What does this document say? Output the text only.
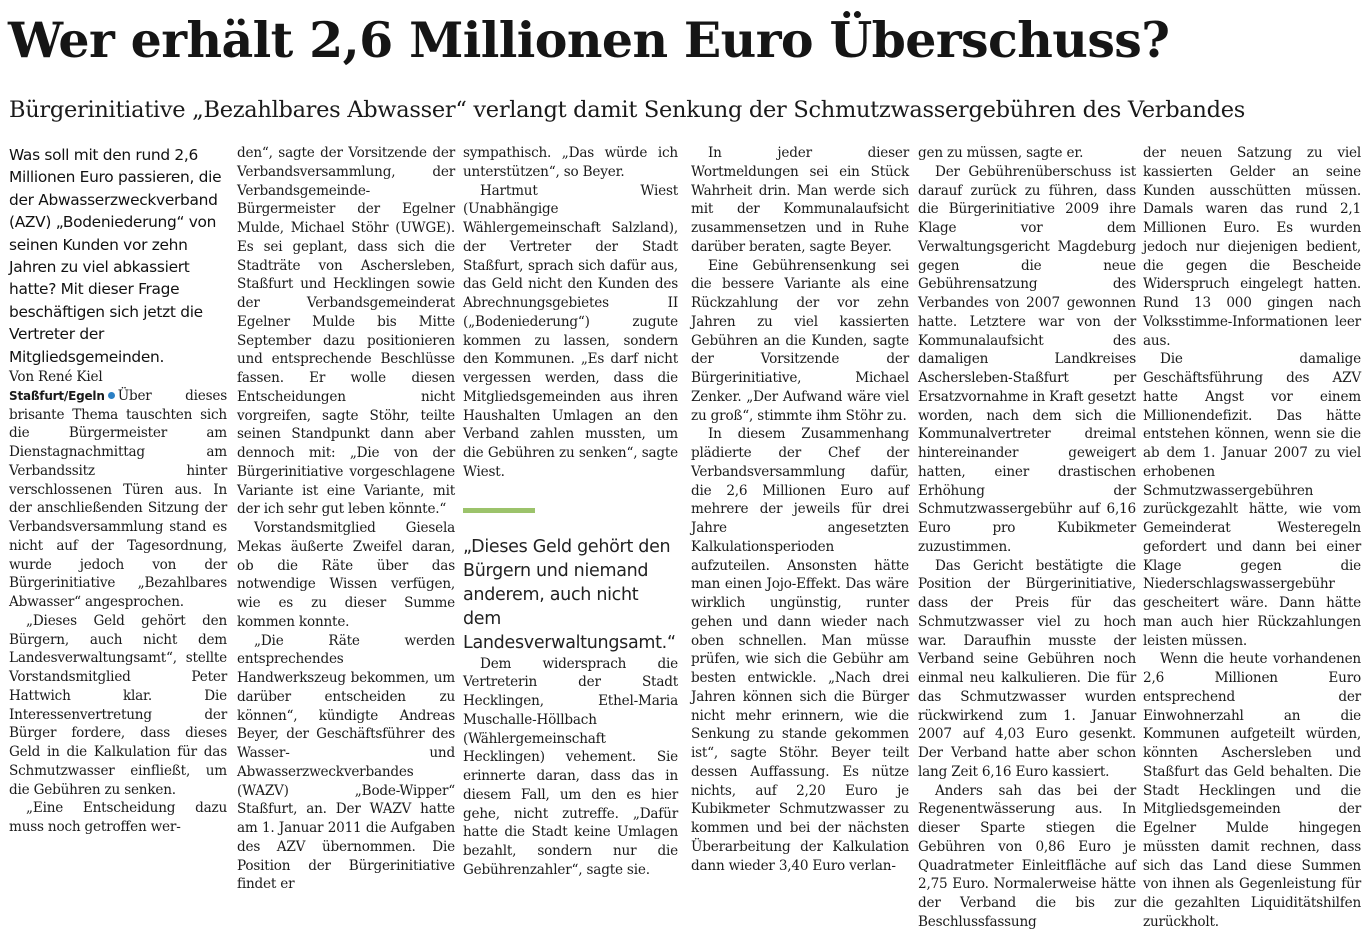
Wer erhält 2,6 Millionen Euro Überschuss?
Bürgerinitiative „Bezahlbares Abwasser“ verlangt damit Senkung der Schmutzwassergebühren des Verbandes

Was soll mit den rund 2,6 Millionen Euro passieren, die der Abwasserzweckverband (AZV) „Bodeniederung“ von seinen Kunden vor zehn Jahren zu viel abkassiert hatte? Mit dieser Frage beschäftigen sich jetzt die Vertreter der Mitgliedsgemeinden.

Von René Kiel

Staßfurt/Egeln Über dieses brisante Thema tauschten sich die Bürgermeister am Dienstagnachmittag am Verbandssitz hinter verschlossenen Türen aus. In der anschließenden Sitzung der Verbandsversammlung stand es nicht auf der Tagesordnung, wurde jedoch von der Bürgerinitiative „Bezahlbares Abwasser“ angesprochen.

„Dieses Geld gehört den Bürgern, auch nicht dem Landesverwaltungsamt“, stellte Vorstandsmitglied Peter Hattwich klar. Die Interessenvertretung der Bürger fordere, dass dieses Geld in die Kalkulation für das Schmutzwasser einfließt, um die Gebühren zu senken.

„Eine Entscheidung dazu muss noch getroffen wer-

den“, sagte der Vorsitzende der Verbandsversammlung, der Verbandsgemeinde-Bürgermeister der Egelner Mulde, Michael Stöhr (UWGE). Es sei geplant, dass sich die Stadträte von Aschersleben, Staßfurt und Hecklingen sowie der Verbandsgemeinderat Egelner Mulde bis Mitte September dazu positionieren und entsprechende Beschlüsse fassen. Er wolle diesen Entscheidungen nicht vorgreifen, sagte Stöhr, teilte seinen Standpunkt dann aber dennoch mit: „Die von der Bürgerinitiative vorgeschlagene Variante ist eine Variante, mit der ich sehr gut leben könnte.“

Vorstandsmitglied Giesela Mekas äußerte Zweifel daran, ob die Räte über das notwendige Wissen verfügen, wie es zu dieser Summe kommen konnte.

„Die Räte werden entsprechendes Handwerkszeug bekommen, um darüber entscheiden zu können“, kündigte Andreas Beyer, der Geschäftsführer des Wasser- und Abwasserzweckverbandes (WAZV) „Bode-Wipper“ Staßfurt, an. Der WAZV hatte am 1. Januar 2011 die Aufgaben des AZV übernommen. Die Position der Bürgerinitiative findet er

sympathisch. „Das würde ich unterstützen“, so Beyer.

Hartmut Wiest (Unabhängige Wählergemeinschaft Salzland), der Vertreter der Stadt Staßfurt, sprach sich dafür aus, das Geld nicht den Kunden des Abrechnungsgebietes II („Bodeniederung“) zugute kommen zu lassen, sondern den Kommunen. „Es darf nicht vergessen werden, dass die Mitgliedsgemeinden aus ihren Haushalten Umlagen an den Verband zahlen mussten, um die Gebühren zu senken“, sagte Wiest.

„Dieses Geld gehört den Bürgern und niemand anderem, auch nicht dem Landesverwaltungsamt.“

Dem widersprach die Vertreterin der Stadt Hecklingen, Ethel-Maria Muschalle-Höllbach (Wählergemeinschaft Hecklingen) vehement. Sie erinnerte daran, dass das in diesem Fall, um den es hier gehe, nicht zutreffe. „Dafür hatte die Stadt keine Umlagen bezahlt, sondern nur die Gebührenzahler“, sagte sie.

In jeder dieser Wortmeldungen sei ein Stück Wahrheit drin. Man werde sich mit der Kommunalaufsicht zusammensetzen und in Ruhe darüber beraten, sagte Beyer.

Eine Gebührensenkung sei die bessere Variante als eine Rückzahlung der vor zehn Jahren zu viel kassierten Gebühren an die Kunden, sagte der Vorsitzende der Bürgerinitiative, Michael Zenker. „Der Aufwand wäre viel zu groß“, stimmte ihm Stöhr zu.

In diesem Zusammenhang plädierte der Chef der Verbandsversammlung dafür, die 2,6 Millionen Euro auf mehrere der jeweils für drei Jahre angesetzten Kalkulationsperioden aufzuteilen. Ansonsten hätte man einen Jojo-Effekt. Das wäre wirklich ungünstig, runter gehen und dann wieder nach oben schnellen. Man müsse prüfen, wie sich die Gebühr am besten entwickle. „Nach drei Jahren können sich die Bürger nicht mehr erinnern, wie die Senkung zu stande gekommen ist“, sagte Stöhr. Beyer teilt dessen Auffassung. Es nütze nichts, auf 2,20 Euro je Kubikmeter Schmutzwasser zu kommen und bei der nächsten Überarbeitung der Kalkulation dann wieder 3,40 Euro verlan-

gen zu müssen, sagte er.

Der Gebührenüberschuss ist darauf zurück zu führen, dass die Bürgerinitiative 2009 ihre Klage vor dem Verwaltungsgericht Magdeburg gegen die neue Gebührensatzung des Verbandes von 2007 gewonnen hatte. Letztere war von der Kommunalaufsicht des damaligen Landkreises Aschersleben-Staßfurt per Ersatzvornahme in Kraft gesetzt worden, nach dem sich die Kommunalvertreter dreimal hintereinander geweigert hatten, einer drastischen Erhöhung der Schmutzwassergebühr auf 6,16 Euro pro Kubikmeter zuzustimmen.

Das Gericht bestätigte die Position der Bürgerinitiative, dass der Preis für das Schmutzwasser viel zu hoch war. Daraufhin musste der Verband seine Gebühren noch einmal neu kalkulieren. Die für das Schmutzwasser wurden rückwirkend zum 1. Januar 2007 auf 4,03 Euro gesenkt. Der Verband hatte aber schon lang Zeit 6,16 Euro kassiert.

Anders sah das bei der Regenentwässerung aus. In dieser Sparte stiegen die Gebühren von 0,86 Euro je Quadratmeter Einleitfläche auf 2,75 Euro. Normalerweise hätte der Verband die bis zur Beschlussfassung

der neuen Satzung zu viel kassierten Gelder an seine Kunden ausschütten müssen. Damals waren das rund 2,1 Millionen Euro. Es wurden jedoch nur diejenigen bedient, die gegen die Bescheide Widerspruch eingelegt hatten. Rund 13 000 gingen nach Volksstimme-Informationen leer aus.

Die damalige Geschäftsführung des AZV hatte Angst vor einem Millionendefizit. Das hätte entstehen können, wenn sie die ab dem 1. Januar 2007 zu viel erhobenen Schmutzwassergebühren zurückgezahlt hätte, wie vom Gemeinderat Westeregeln gefordert und dann bei einer Klage gegen die Niederschlagswassergebühr gescheitert wäre. Dann hätte man auch hier Rückzahlungen leisten müssen.

Wenn die heute vorhandenen 2,6 Millionen Euro entsprechend der Einwohnerzahl an die Kommunen aufgeteilt würden, könnten Aschersleben und Staßfurt das Geld behalten. Die Stadt Hecklingen und die Mitgliedsgemeinden der Egelner Mulde hingegen müssten damit rechnen, dass sich das Land diese Summen von ihnen als Gegenleistung für die gezahlten Liquiditätshilfen zurückholt.
